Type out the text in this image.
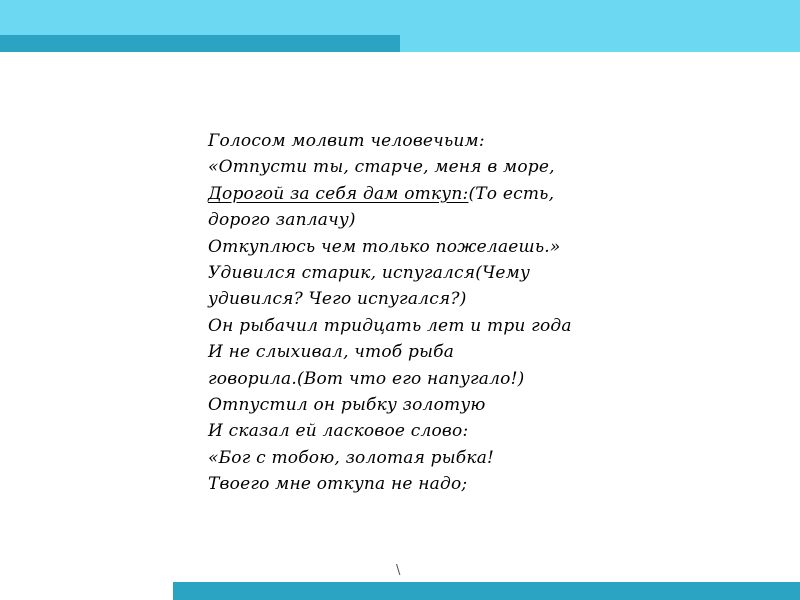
Голосом молвит человечьим:
«Отпусти ты, старче, меня в море,
Дорогой за себя дам откуп:(То есть,
дорого заплачу)
Откуплюсь чем только пожелаешь.»
Удивился старик, испугался(Чему
удивился? Чего испугался?)
Он рыбачил тридцать лет и три года
И не слыхивал, чтоб рыба
говорила.(Вот что его напугало!)
Отпустил он рыбку золотую
И сказал ей ласковое слово:
«Бог с тобою, золотая рыбка!
Твоего мне откупа не надо;
\
